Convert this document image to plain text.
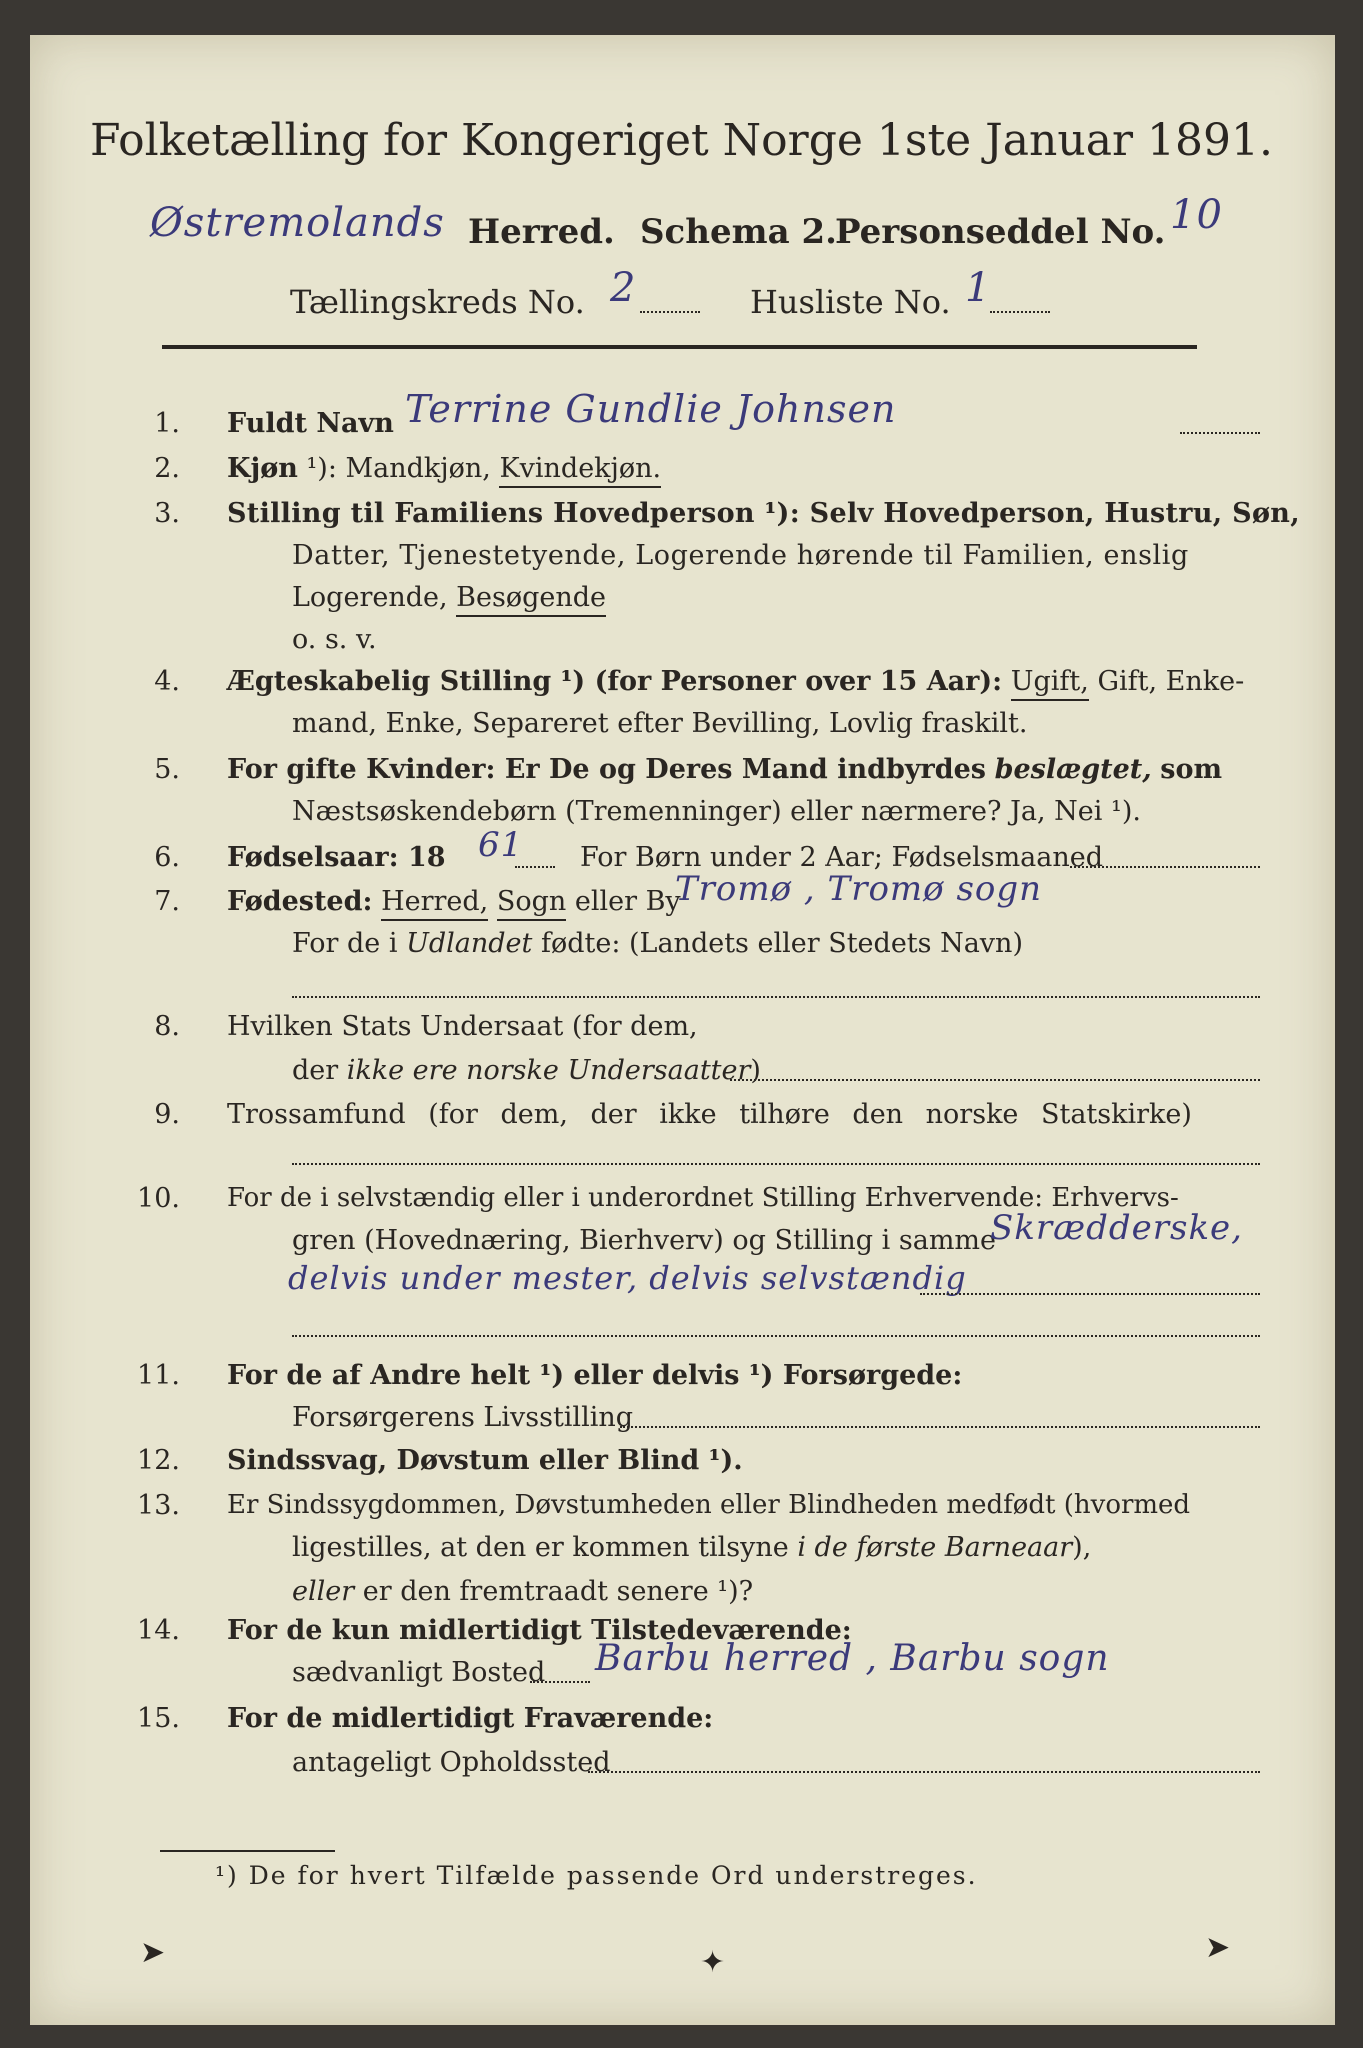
Folketælling for Kongeriget Norge 1ste Januar 1891.
Østremolands Herred. Schema 2.
Personseddel No. 10
Tællingskreds No. 2	Husliste No. 1
1. Fuldt Navn Terrine Gundlie Johnsen
2. Kjøn ¹): Mandkjøn, Kvindekjøn.
3. Stilling til Familiens Hovedperson ¹): Selv Hovedperson, Hustru, Søn,
Datter, Tjenestetyende, Logerende hørende til Familien, enslig
Logerende, Besøgende
o. s. v.
4. Ægteskabelig Stilling ¹) (for Personer over 15 Aar): Ugift, Gift, Enke-
mand, Enke, Separeret efter Bevilling, Lovlig fraskilt.
5. For gifte Kvinder: Er De og Deres Mand indbyrdes beslægtet, som
Næstsøskendebørn (Tremenninger) eller nærmere? Ja, Nei ¹).
6. Fødselsaar: 18 61 For Børn under 2 Aar; Fødselsmaaned
7. Fødested: Herred, Sogn eller By
Tromø , Tromø sogn
For de i Udlandet fødte: (Landets eller Stedets Navn)
8. Hvilken Stats Undersaat (for dem,
der ikke ere norske Undersaatter)
9. Trossamfund (for dem, der ikke tilhøre den norske Statskirke)
10. For de i selvstændig eller i underordnet Stilling Erhvervende: Erhvervs-
gren (Hovednæring, Bierhverv) og Stilling i samme
Skrædderske,
delvis under mester, delvis selvstændig
11. For de af Andre helt ¹) eller delvis ¹) Forsørgede:
Forsørgerens Livsstilling
12. Sindssvag, Døvstum eller Blind ¹).
13. Er Sindssygdommen, Døvstumheden eller Blindheden medfødt (hvormed
ligestilles, at den er kommen tilsyne i de første Barneaar),
eller er den fremtraadt senere ¹)?
14. For de kun midlertidigt Tilstedeværende:
sædvanligt Bosted Barbu herred , Barbu sogn
15. For de midlertidigt Fraværende:
antageligt Opholdssted
¹) De for hvert Tilfælde passende Ord understreges.
➤	✦	➤
